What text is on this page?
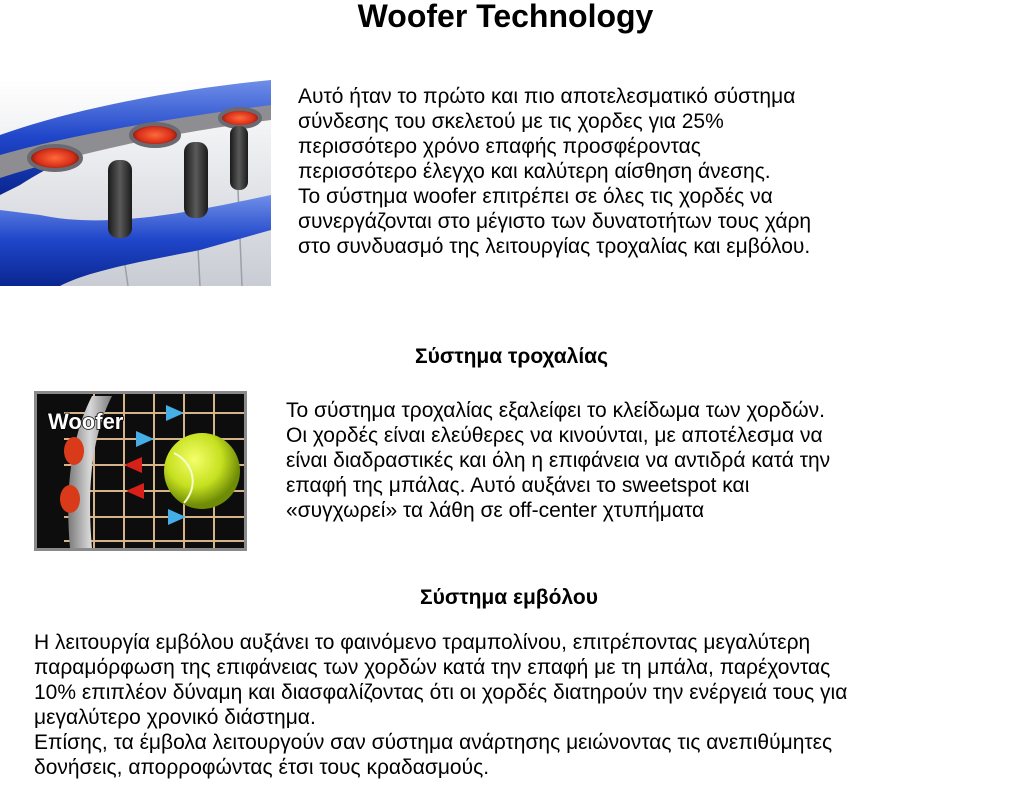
Woofer Technology
Woofer

Αυτό ήταν το πρώτο και πιο αποτελεσματικό σύστημα
σύνδεσης του σκελετού με τις χορδες για 25%
περισσότερο χρόνο επαφής προσφέροντας
περισσότερο έλεγχο και καλύτερη αίσθηση άνεσης.
Το σύστημα woofer επιτρέπει σε όλες τις χορδές να
συνεργάζονται στο μέγιστο των δυνατοτήτων τους χάρη
στο συνδυασμό της λειτουργίας τροχαλίας και εμβόλου.

Σύστημα τροχαλίας

Το σύστημα τροχαλίας εξαλείφει το κλείδωμα των χορδών.
Οι χορδές είναι ελεύθερες να κινούνται, με αποτέλεσμα να
είναι διαδραστικές και όλη η επιφάνεια να αντιδρά κατά την
επαφή της μπάλας. Αυτό αυξάνει το sweetspot και
«συγχωρεί» τα λάθη σε off-center χτυπήματα

Σύστημα εμβόλου

Η λειτουργία εμβόλου αυξάνει το φαινόμενο τραμπολίνου, επιτρέποντας μεγαλύτερη
παραμόρφωση της επιφάνειας των χορδών κατά την επαφή με τη μπάλα, παρέχοντας
10% επιπλέον δύναμη και διασφαλίζοντας ότι οι χορδές διατηρούν την ενέργειά τους για
μεγαλύτερο χρονικό διάστημα.
Επίσης, τα έμβολα λειτουργούν σαν σύστημα ανάρτησης μειώνοντας τις ανεπιθύμητες
δονήσεις, απορροφώντας έτσι τους κραδασμούς.
